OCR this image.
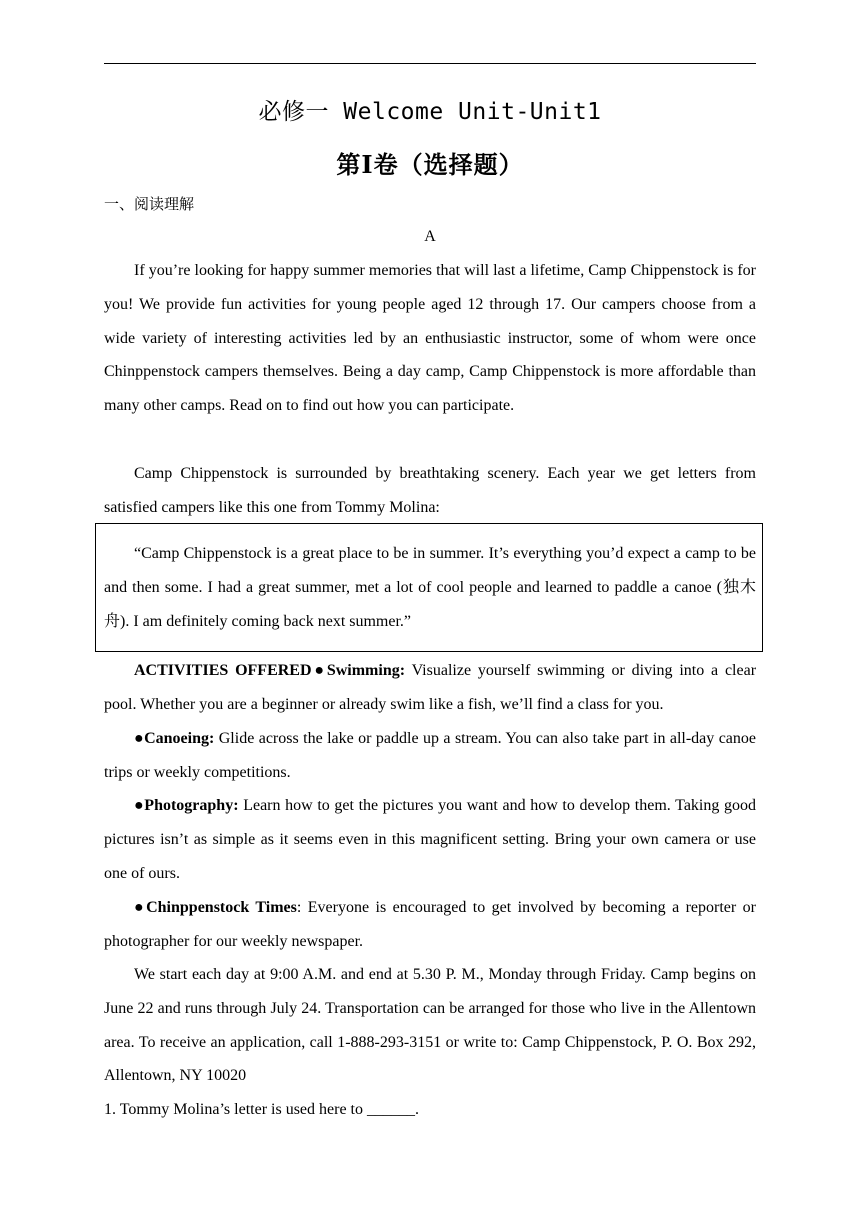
必修一 Welcome Unit-Unit1
第Ⅰ卷（选择题）
一、阅读理解
A

If you’re looking for happy summer memories that will last a lifetime, Camp Chippenstock is for you! We provide fun activities for young people aged 12 through 17. Our campers choose from a wide variety of interesting activities led by an enthusiastic instructor, some of whom were once Chinppenstock campers themselves. Being a day camp, Camp Chippenstock is more affordable than many other camps. Read on to find out how you can participate.

Camp Chippenstock is surrounded by breathtaking scenery. Each year we get letters from satisfied campers like this one from Tommy Molina:

“Camp Chippenstock is a great place to be in summer. It’s everything you’d expect a camp to be and then some. I had a great summer, met a lot of cool people and learned to paddle a canoe (独木舟). I am definitely coming back next summer.”

ACTIVITIES OFFERED●Swimming: Visualize yourself swimming or diving into a clear pool. Whether you are a beginner or already swim like a fish, we’ll find a class for you.

●Canoeing: Glide across the lake or paddle up a stream. You can also take part in all-day canoe trips or weekly competitions.

●Photography: Learn how to get the pictures you want and how to develop them. Taking good pictures isn’t as simple as it seems even in this magnificent setting. Bring your own camera or use one of ours.

●Chinppenstock Times: Everyone is encouraged to get involved by becoming a reporter or photographer for our weekly newspaper.

We start each day at 9:00 A.M. and end at 5.30 P. M., Monday through Friday. Camp begins on June 22 and runs through July 24. Transportation can be arranged for those who live in the Allentown area. To receive an application, call 1-888-293-3151 or write to: Camp Chippenstock, P. O. Box 292, Allentown, NY 10020

1. Tommy Molina’s letter is used here to ______.
